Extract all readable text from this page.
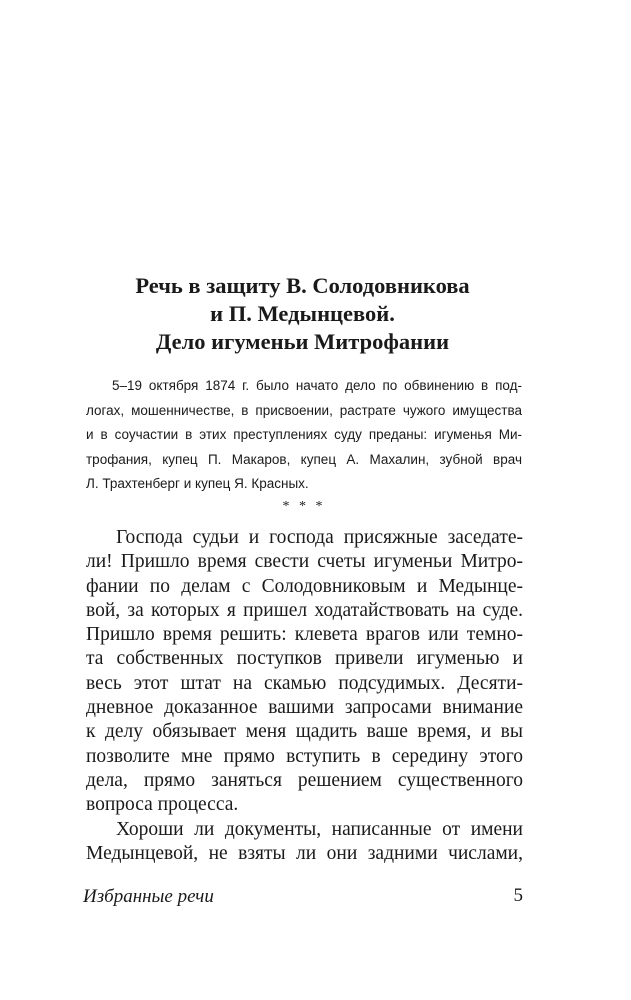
Речь в защиту В. Солодовникова
и П. Медынцевой.
Дело игуменьи Митрофании
5–19 октября 1874 г. было начато дело по обвинению в под-
логах, мошенничестве, в присвоении, растрате чужого имущества
и в соучастии в этих преступлениях суду преданы: игуменья Ми-
трофания, купец П. Макаров, купец А. Махалин, зубной врач
Л. Трахтенберг и купец Я. Красных.
* * *
Господа судьи и господа присяжные заседате-
ли! Пришло время свести счеты игуменьи Митро-
фании по делам с Солодовниковым и Медынце-
вой, за которых я пришел ходатайствовать на суде.
Пришло время решить: клевета врагов или темно-
та собственных поступков привели игуменью и
весь этот штат на скамью подсудимых. Десяти-
дневное доказанное вашими запросами внимание
к делу обязывает меня щадить ваше время, и вы
позволите мне прямо вступить в середину этого
дела, прямо заняться решением существенного
вопроса процесса.
Хороши ли документы, написанные от имени
Медынцевой, не взяты ли они задними числами,
Избранные речи	5
